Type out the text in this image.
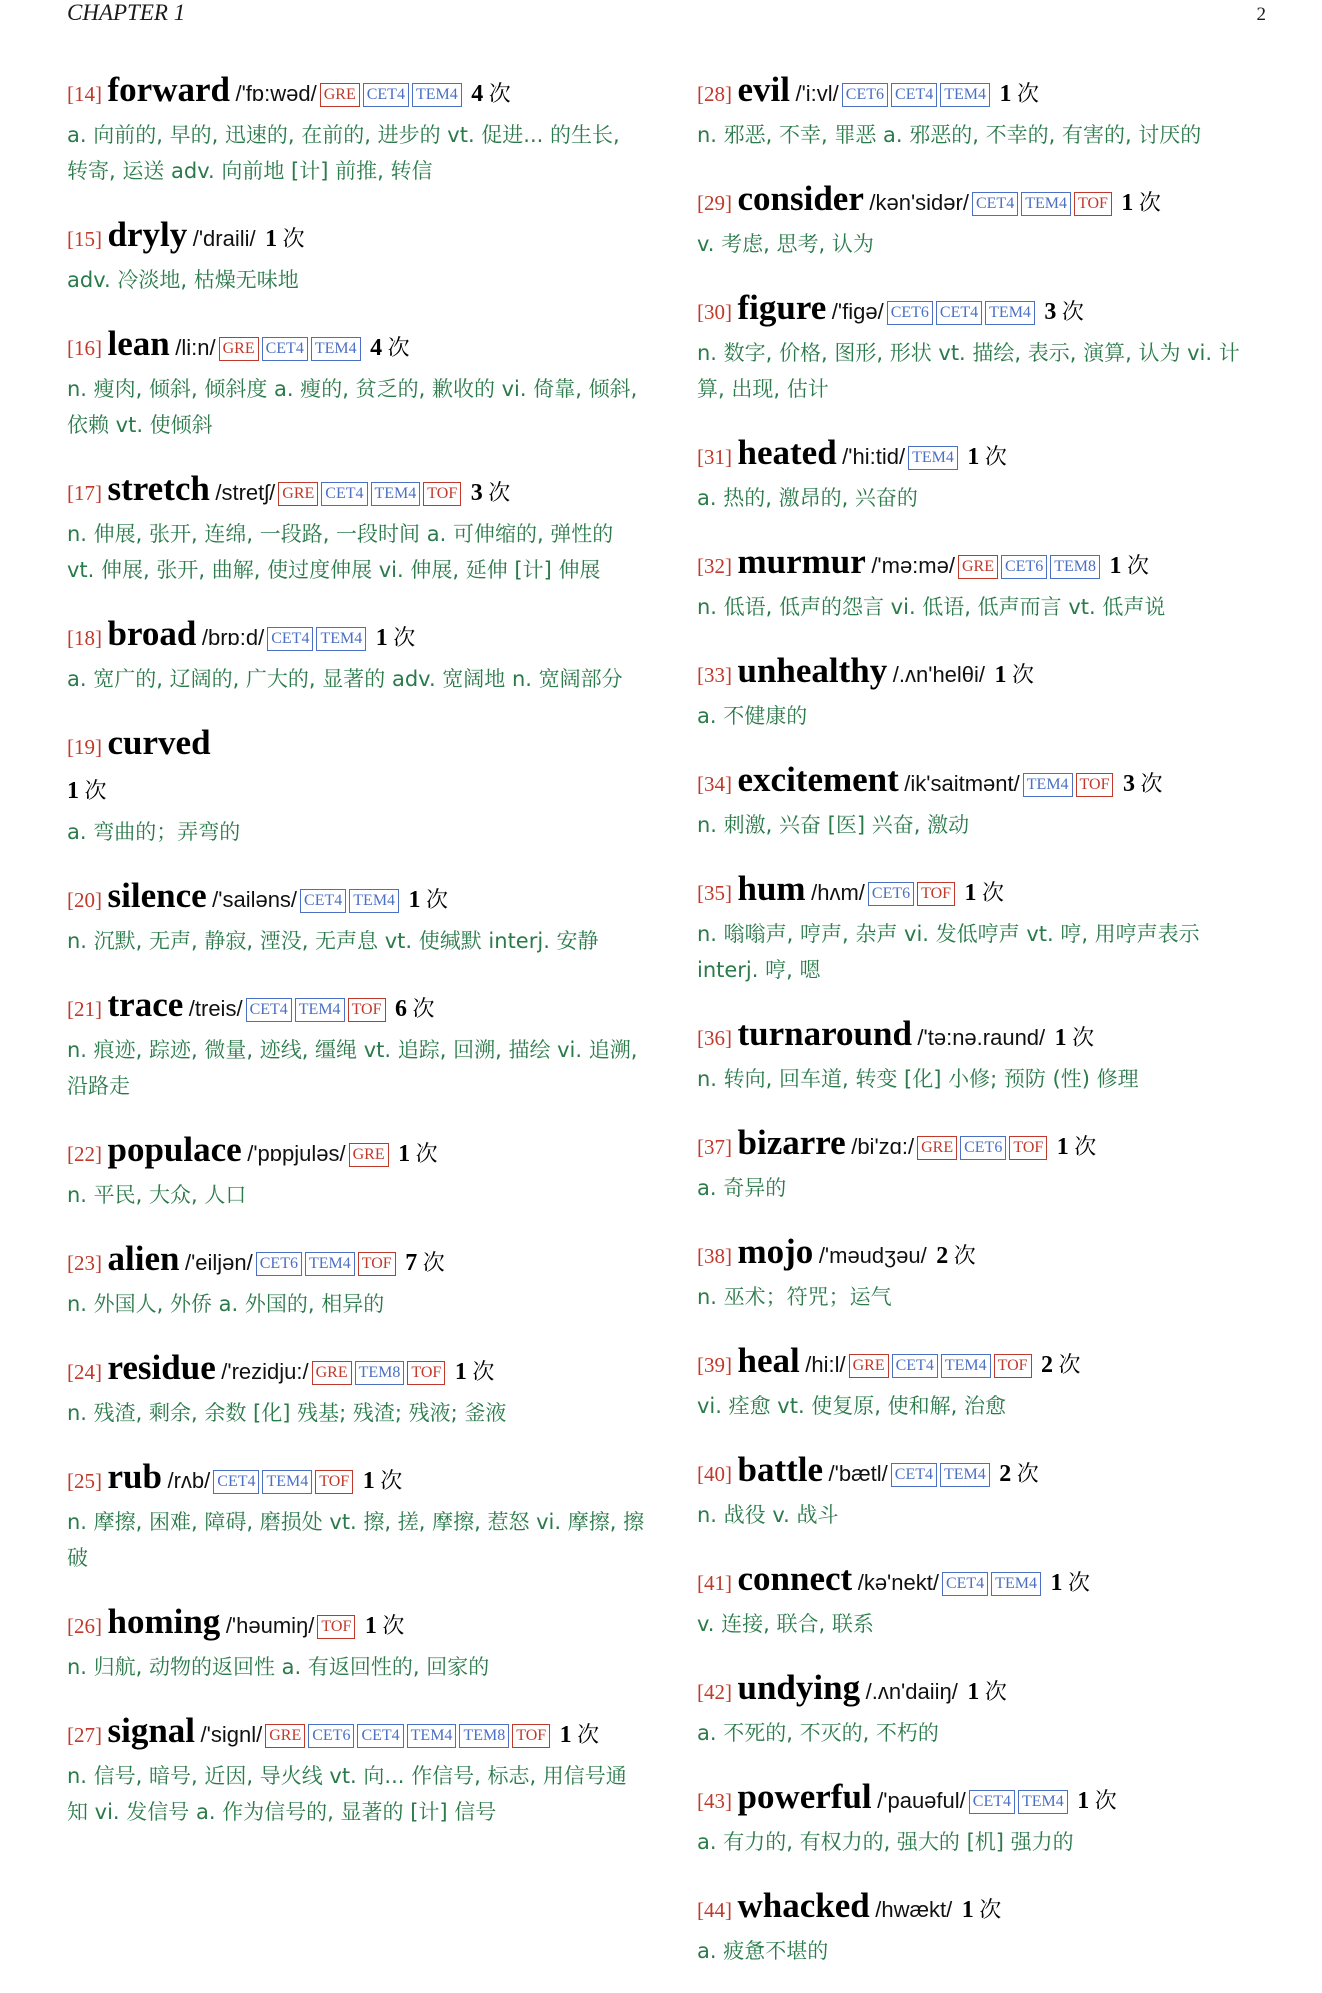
CHAPTER 1	2
[14] forward /'fɒ:wəd/ GRE CET4 TEM4 4 次
a. 向前的, 早的, 迅速的, 在前的, 进步的 vt. 促进... 的生长, 转寄, 运送 adv. 向前地 [计] 前推, 转信
[15] dryly /'draili/ 1 次
adv. 冷淡地, 枯燥无味地
[16] lean /li:n/ GRE CET4 TEM4 4 次
n. 瘦肉, 倾斜, 倾斜度 a. 瘦的, 贫乏的, 歉收的 vi. 倚靠, 倾斜, 依赖 vt. 使倾斜
[17] stretch /stretʃ/ GRE CET4 TEM4 TOF 3 次
n. 伸展, 张开, 连绵, 一段路, 一段时间 a. 可伸缩的, 弹性的 vt. 伸展, 张开, 曲解, 使过度伸展 vi. 伸展, 延伸 [计] 伸展
[18] broad /brɒ:d/ CET4 TEM4 1 次
a. 宽广的, 辽阔的, 广大的, 显著的 adv. 宽阔地 n. 宽阔部分
[19] curved
1 次
a. 弯曲的；弄弯的
[20] silence /'sailəns/ CET4 TEM4 1 次
n. 沉默, 无声, 静寂, 湮没, 无声息 vt. 使缄默 interj. 安静
[21] trace /treis/ CET4 TEM4 TOF 6 次
n. 痕迹, 踪迹, 微量, 迹线, 缰绳 vt. 追踪, 回溯, 描绘 vi. 追溯, 沿路走
[22] populace /'pɒpjuləs/ GRE 1 次
n. 平民, 大众, 人口
[23] alien /'eiljən/ CET6 TEM4 TOF 7 次
n. 外国人, 外侨 a. 外国的, 相异的
[24] residue /'rezidju:/ GRE TEM8 TOF 1 次
n. 残渣, 剩余, 余数 [化] 残基; 残渣; 残液; 釜液
[25] rub /rʌb/ CET4 TEM4 TOF 1 次
n. 摩擦, 困难, 障碍, 磨损处 vt. 擦, 搓, 摩擦, 惹怒 vi. 摩擦, 擦破
[26] homing /'həumiŋ/ TOF 1 次
n. 归航, 动物的返回性 a. 有返回性的, 回家的
[27] signal /'signl/ GRE CET6 CET4 TEM4 TEM8 TOF 1 次
n. 信号, 暗号, 近因, 导火线 vt. 向... 作信号, 标志, 用信号通知 vi. 发信号 a. 作为信号的, 显著的 [计] 信号
[28] evil /'i:vl/ CET6 CET4 TEM4 1 次
n. 邪恶, 不幸, 罪恶 a. 邪恶的, 不幸的, 有害的, 讨厌的
[29] consider /kən'sidər/ CET4 TEM4 TOF 1 次
v. 考虑, 思考, 认为
[30] figure /'figə/ CET6 CET4 TEM4 3 次
n. 数字, 价格, 图形, 形状 vt. 描绘, 表示, 演算, 认为 vi. 计算, 出现, 估计
[31] heated /'hi:tid/ TEM4 1 次
a. 热的, 激昂的, 兴奋的
[32] murmur /'mə:mə/ GRE CET6 TEM8 1 次
n. 低语, 低声的怨言 vi. 低语, 低声而言 vt. 低声说
[33] unhealthy /.ʌn'helθi/ 1 次
a. 不健康的
[34] excitement /ik'saitmənt/ TEM4 TOF 3 次
n. 刺激, 兴奋 [医] 兴奋, 激动
[35] hum /hʌm/ CET6 TOF 1 次
n. 嗡嗡声, 哼声, 杂声 vi. 发低哼声 vt. 哼, 用哼声表示 interj. 哼, 嗯
[36] turnaround /'tə:nə.raund/ 1 次
n. 转向, 回车道, 转变 [化] 小修; 预防 (性) 修理
[37] bizarre /bi'zɑ:/ GRE CET6 TOF 1 次
a. 奇异的
[38] mojo /'məudʒəu/ 2 次
n. 巫术；符咒；运气
[39] heal /hi:l/ GRE CET4 TEM4 TOF 2 次
vi. 痊愈 vt. 使复原, 使和解, 治愈
[40] battle /'bætl/ CET4 TEM4 2 次
n. 战役 v. 战斗
[41] connect /kə'nekt/ CET4 TEM4 1 次
v. 连接, 联合, 联系
[42] undying /.ʌn'daiiŋ/ 1 次
a. 不死的, 不灭的, 不朽的
[43] powerful /'pauəful/ CET4 TEM4 1 次
a. 有力的, 有权力的, 强大的 [机] 强力的
[44] whacked /hwækt/ 1 次
a. 疲惫不堪的
